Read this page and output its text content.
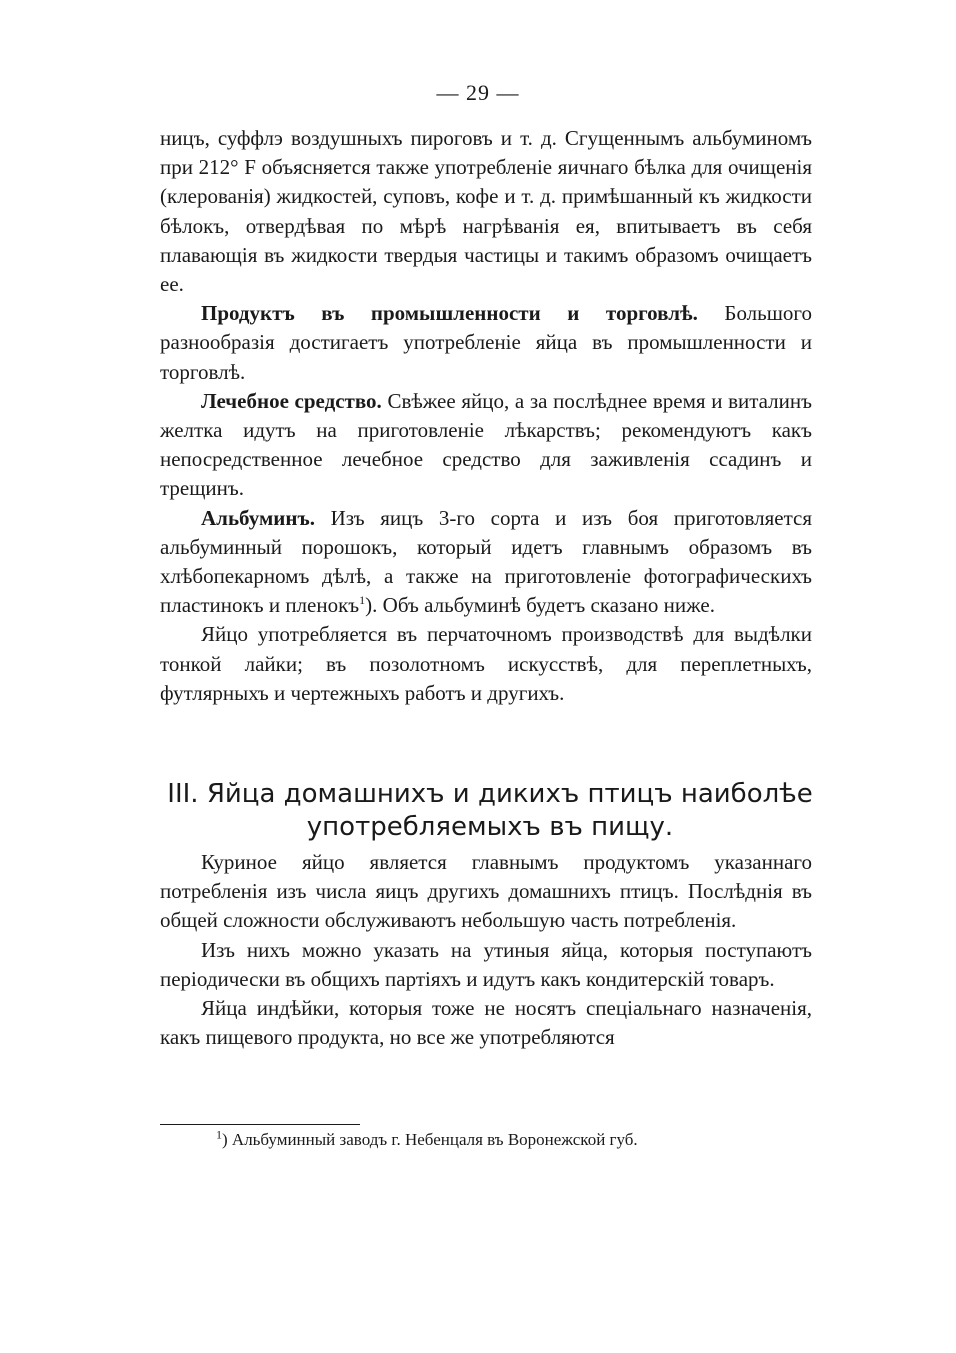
— 29 —

ницъ, суффлэ воздушныхъ пироговъ и т. д. Сгущеннымъ альбуминомъ при 212° F объясняется также употребленіе яичнаго бѣлка для очищенія (клерованія) жидкостей, суповъ, кофе и т. д. примѣшанный къ жидкости бѣлокъ, отвердѣвая по мѣрѣ нагрѣванія ея, впитываетъ въ себя плавающія въ жидкости твердыя частицы и такимъ образомъ очищаетъ ее.

Продуктъ въ промышленности и торговлѣ. Большого разнообразія достигаетъ употребленіе яйца въ промышленности и торговлѣ.

Лечебное средство. Свѣжее яйцо, а за послѣднее время и виталинъ желтка идутъ на приготовленіе лѣкарствъ; рекомендуютъ какъ непосредственное лечебное средство для заживленія ссадинъ и трещинъ.

Альбуминъ. Изъ яицъ 3-го сорта и изъ боя приготовляется альбуминный порошокъ, который идетъ главнымъ образомъ въ хлѣбопекарномъ дѣлѣ, а также на приготовленіе фотографическихъ пластинокъ и пленокъ$^1$). Объ альбуминѣ будетъ сказано ниже.

Яйцо употребляется въ перчаточномъ производствѣ для выдѣлки тонкой лайки; въ позолотномъ искусствѣ, для переплетныхъ, футлярныхъ и чертежныхъ работъ и другихъ.

III. Яйца домашнихъ и дикихъ птицъ наиболѣе употребляемыхъ въ пищу.

Куриное яйцо является главнымъ продуктомъ указаннаго потребленія изъ числа яицъ другихъ домашнихъ птицъ. Послѣднія въ общей сложности обслуживаютъ небольшую часть потребленія.

Изъ нихъ можно указать на утиныя яйца, которыя поступаютъ періодически въ общихъ партіяхъ и идутъ какъ кондитерскій товаръ.

Яйца индѣйки, которыя тоже не носятъ спеціальнаго назначенія, какъ пищевого продукта, но все же употребляются

$^1$) Альбуминный заводъ г. Небенцаля въ Воронежской губ.
